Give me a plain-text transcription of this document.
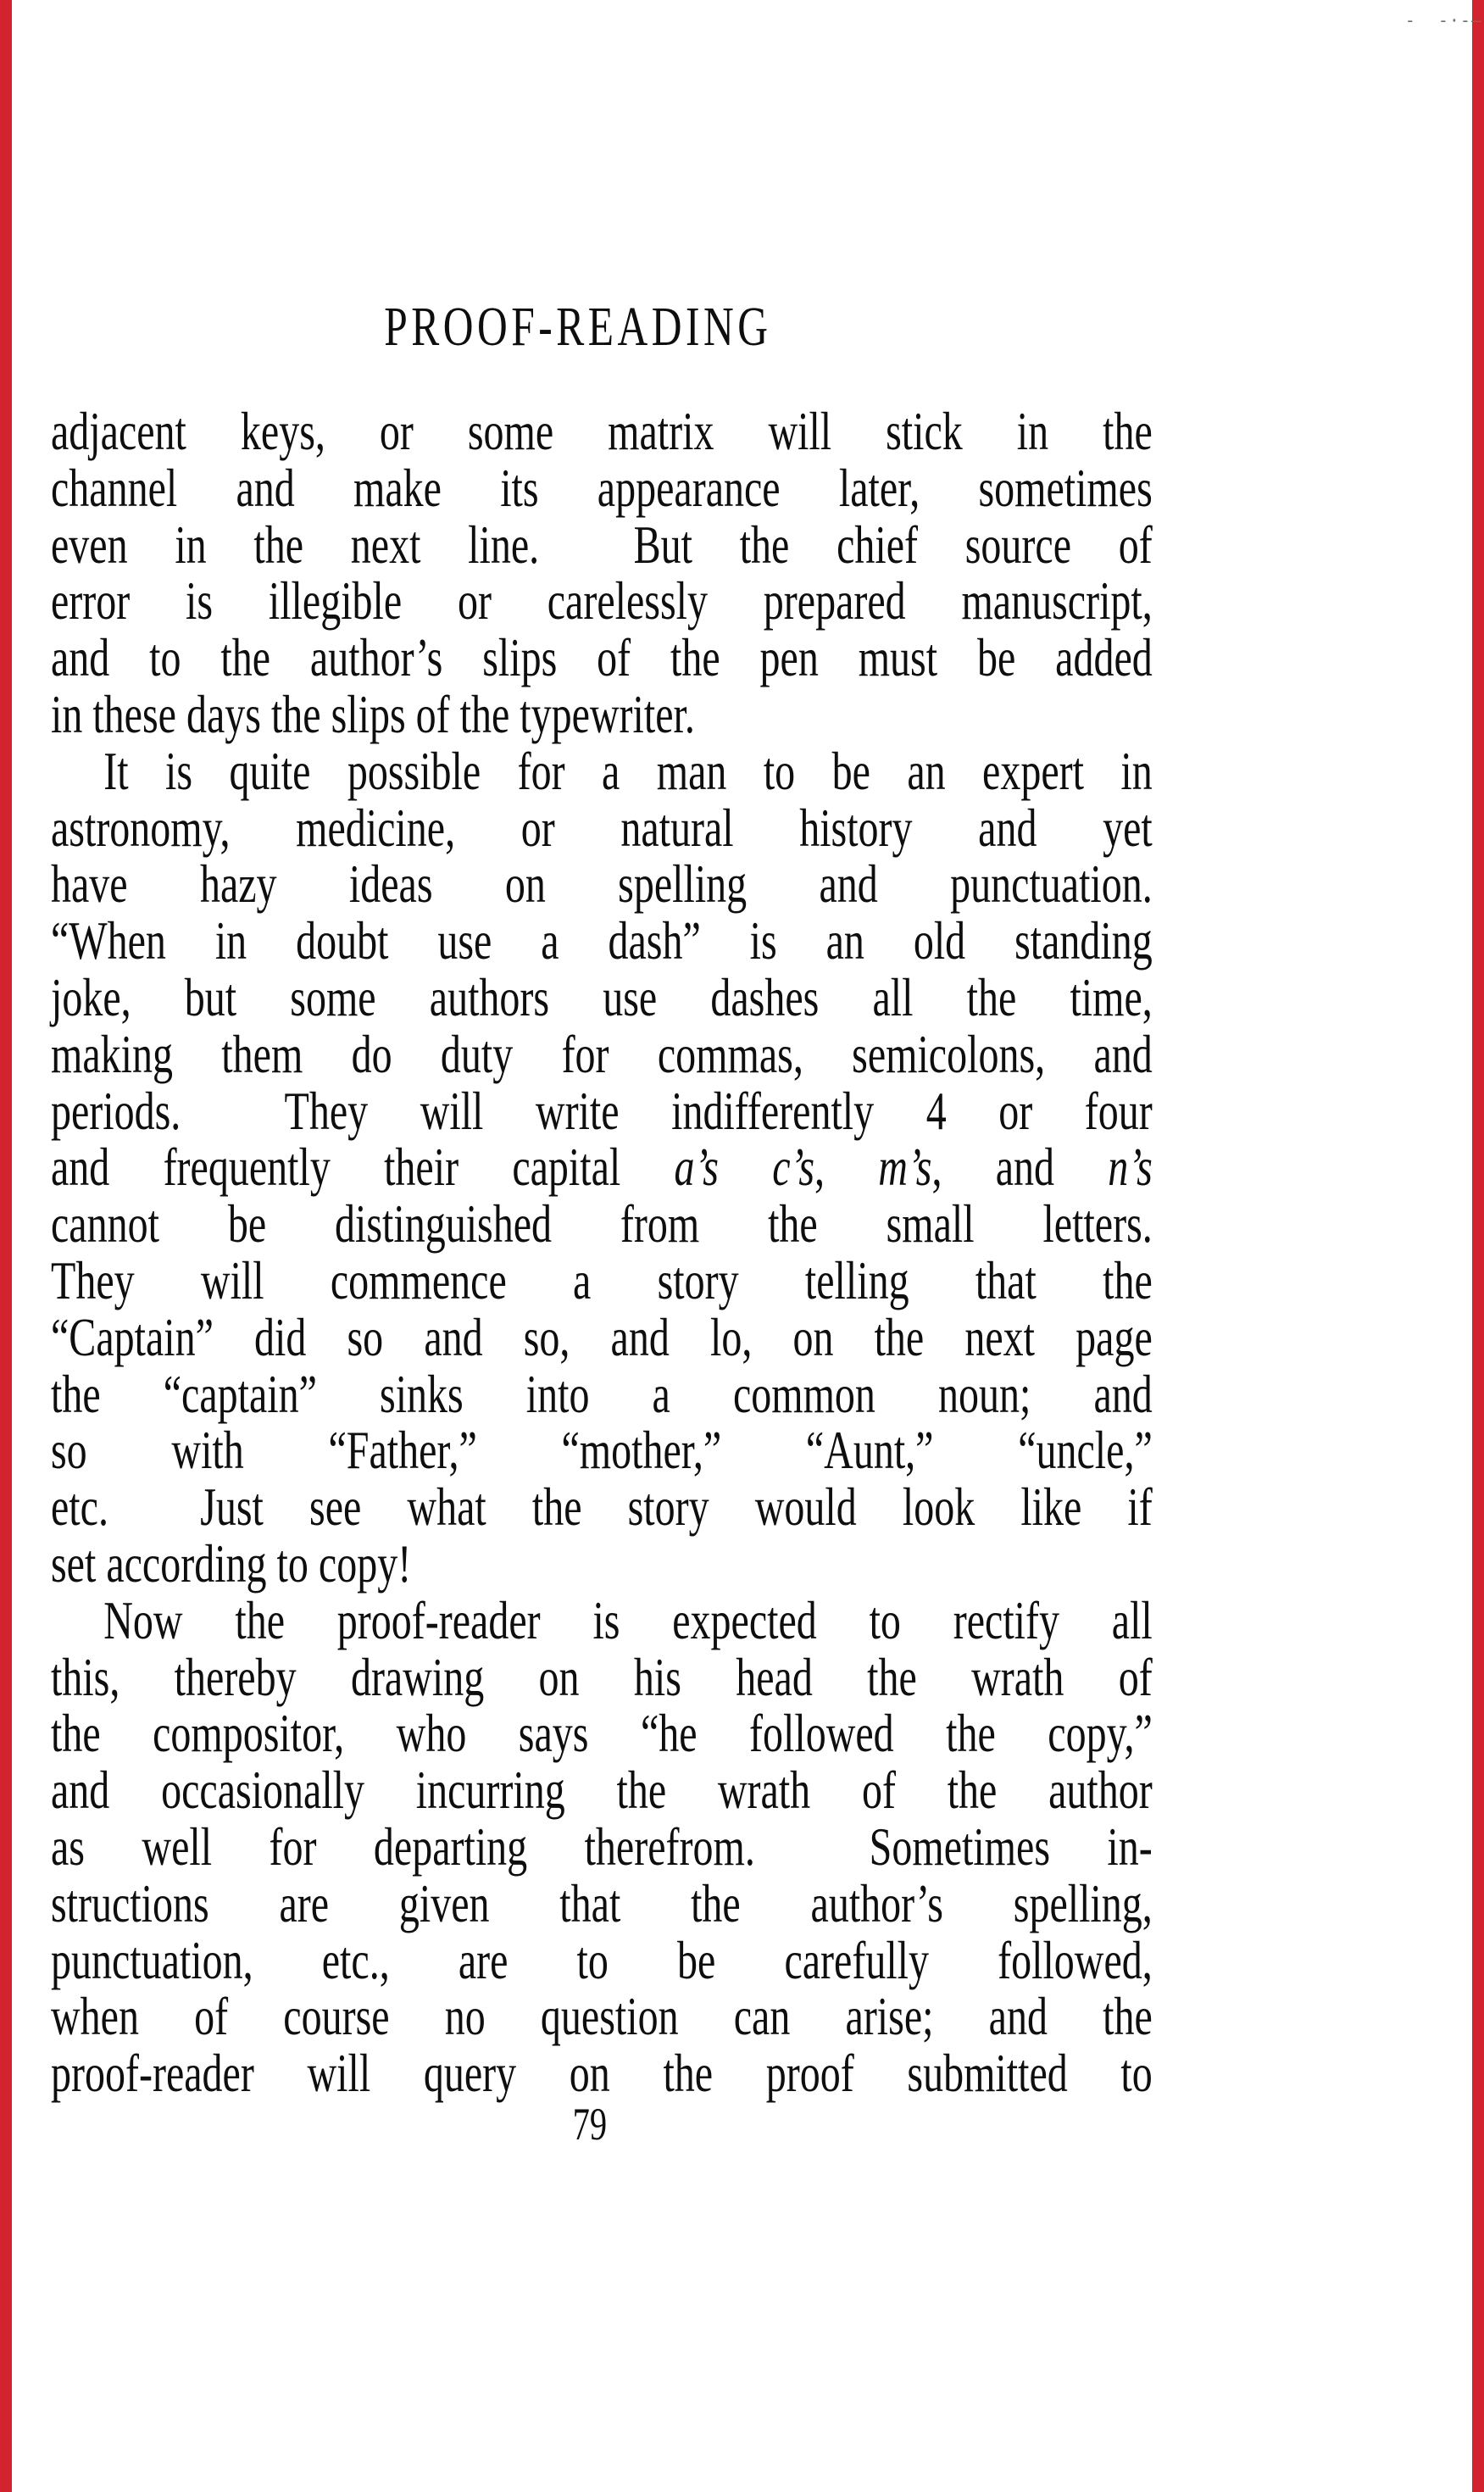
-  -·-—
PROOF-READING
adjacent keys, or some matrix will stick in the
channel and make its appearance later, sometimes
even in the next line.  But the chief source of
error is illegible or carelessly prepared manuscript,
and to the author’s slips of the pen must be added
in these days the slips of the typewriter.
It is quite possible for a man to be an expert in
astronomy, medicine, or natural history and yet
have hazy ideas on spelling and punctuation.
“When in doubt use a dash” is an old standing
joke, but some authors use dashes all the time,
making them do duty for commas, semicolons, and
periods.  They will write indifferently 4 or four
and frequently their capital a’s c’s, m’s, and n’s
cannot be distinguished from the small letters.
They will commence a story telling that the
“Captain” did so and so, and lo, on the next page
the “captain” sinks into a common noun; and
so with “Father,” “mother,” “Aunt,” “uncle,”
etc.  Just see what the story would look like if
set according to copy!
Now the proof-reader is expected to rectify all
this, thereby drawing on his head the wrath of
the compositor, who says “he followed the copy,”
and occasionally incurring the wrath of the author
as well for departing therefrom.  Sometimes in-
structions are given that the author’s spelling,
punctuation, etc., are to be carefully followed,
when of course no question can arise; and the
proof-reader will query on the proof submitted to
79
